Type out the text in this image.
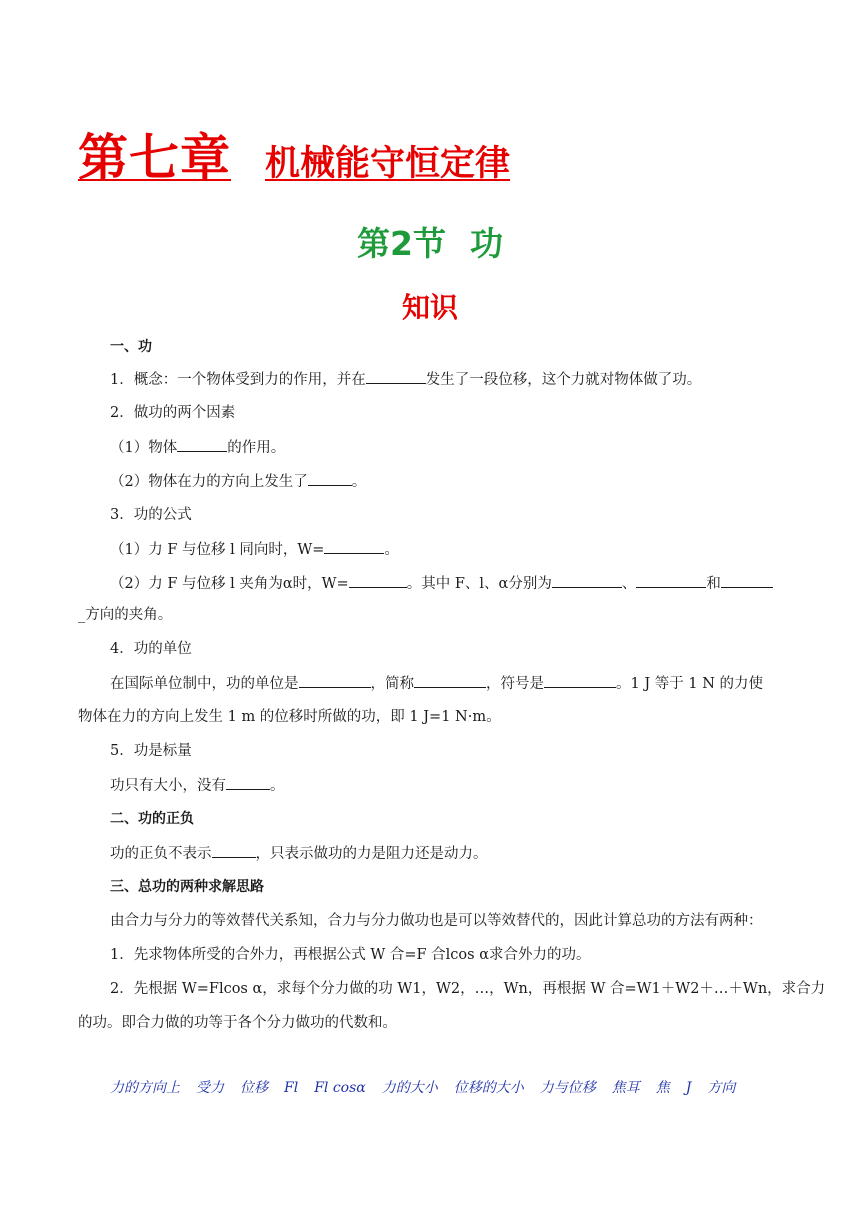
第七章 机械能守恒定律
第2节 功
知识
一、功
1．概念：一个物体受到力的作用，并在	发生了一段位移，这个力就对物体做了功。
2．做功的两个因素
（1）物体	的作用。
（2）物体在力的方向上发生了	。
3．功的公式
（1）力 F 与位移 l 同向时，W=	。
（2）力 F 与位移 l 夹角为α时，W=	。其中 F、l、α分别为	、	和
_方向的夹角。
4．功的单位
在国际单位制中，功的单位是	，简称	，符号是	。1 J 等于 1 N 的力使
物体在力的方向上发生 1 m 的位移时所做的功，即 1 J=1 N·m。
5．功是标量
功只有大小，没有	。
二、功的正负
功的正负不表示	，只表示做功的力是阻力还是动力。
三、总功的两种求解思路
由合力与分力的等效替代关系知，合力与分力做功也是可以等效替代的，因此计算总功的方法有两种：
1．先求物体所受的合外力，再根据公式 W 合=F 合lcos α求合外力的功。
2．先根据 W=Flcos α，求每个分力做的功 W1，W2，…，Wn，再根据 W 合=W1＋W2＋…＋Wn，求合力
的功。即合力做的功等于各个分力做功的代数和。
力的方向上 受力 位移 Fl Fl cosα 力的大小 位移的大小 力与位移 焦耳 焦 J 方向
